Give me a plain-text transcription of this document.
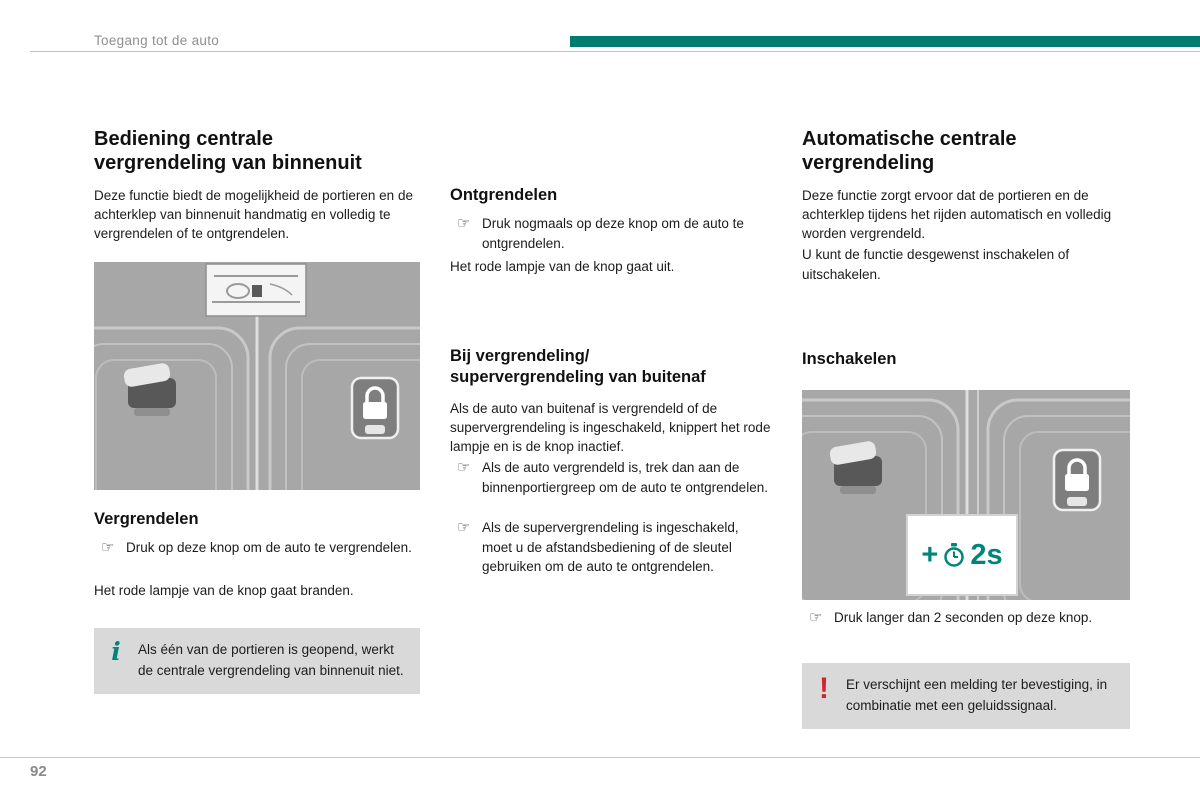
Toegang tot de auto
Bediening centrale
vergrendeling van binnenuit

Deze functie biedt de mogelijkheid de portieren en de achterklep van binnenuit handmatig en volledig te vergrendelen of te ontgrendelen.

Vergrendelen
☞ Druk op deze knop om de auto te vergrendelen.

Het rode lampje van de knop gaat branden.

i Als één van de portieren is geopend, werkt de centrale vergrendeling van binnenuit niet.
Ontgrendelen
☞ Druk nogmaals op deze knop om de auto te ontgrendelen.

Het rode lampje van de knop gaat uit.

Bij vergrendeling/
supervergrendeling van buitenaf

Als de auto van buitenaf is vergrendeld of de supervergrendeling is ingeschakeld, knippert het rode lampje en is de knop inactief.

☞ Als de auto vergrendeld is, trek dan aan de binnenportiergreep om de auto te ontgrendelen.
☞ Als de supervergrendeling is ingeschakeld, moet u de afstandsbediening of de sleutel gebruiken om de auto te ontgrendelen.
Automatische centrale
vergrendeling

Deze functie zorgt ervoor dat de portieren en de achterklep tijdens het rijden automatisch en volledig worden vergrendeld.

U kunt de functie desgewenst inschakelen of uitschakelen.

Inschakelen
+ 2s
☞ Druk langer dan 2 seconden op deze knop.
! Er verschijnt een melding ter bevestiging, in combinatie met een geluidssignaal.
92
